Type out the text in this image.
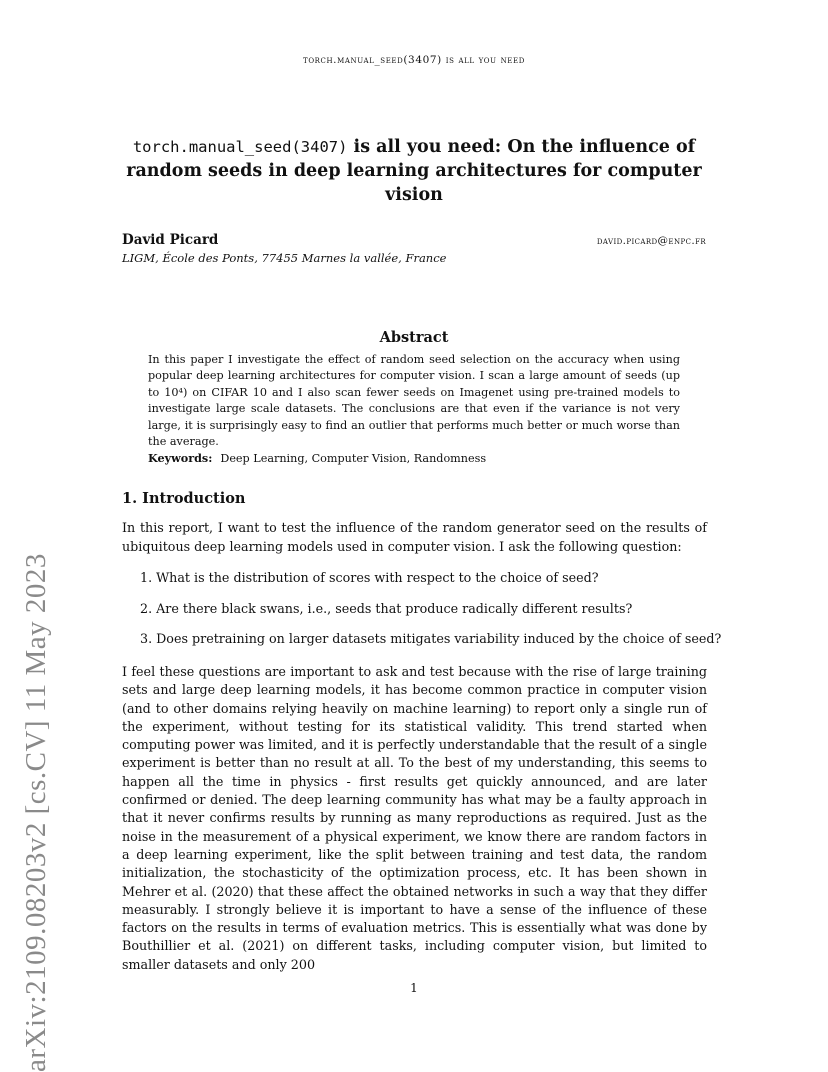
torch.manual_seed(3407) is all you need
torch.manual_seed(3407) is all you need: On the influence of random seeds in deep learning architectures for computer vision
David Picard	david.picard@enpc.fr
LIGM, École des Ponts, 77455 Marnes la vallée, France
arXiv:2109.08203v2 [cs.CV] 11 May 2023
Abstract
In this paper I investigate the effect of random seed selection on the accuracy when using popular deep learning architectures for computer vision. I scan a large amount of seeds (up to 10⁴) on CIFAR 10 and I also scan fewer seeds on Imagenet using pre-trained models to investigate large scale datasets. The conclusions are that even if the variance is not very large, it is surprisingly easy to find an outlier that performs much better or much worse than the average.
Keywords: Deep Learning, Computer Vision, Randomness
1. Introduction
In this report, I want to test the influence of the random generator seed on the results of ubiquitous deep learning models used in computer vision. I ask the following question:
1. What is the distribution of scores with respect to the choice of seed?
2. Are there black swans, i.e., seeds that produce radically different results?
3. Does pretraining on larger datasets mitigates variability induced by the choice of seed?
I feel these questions are important to ask and test because with the rise of large training sets and large deep learning models, it has become common practice in computer vision (and to other domains relying heavily on machine learning) to report only a single run of the experiment, without testing for its statistical validity. This trend started when computing power was limited, and it is perfectly understandable that the result of a single experiment is better than no result at all. To the best of my understanding, this seems to happen all the time in physics - first results get quickly announced, and are later confirmed or denied. The deep learning community has what may be a faulty approach in that it never confirms results by running as many reproductions as required. Just as the noise in the measurement of a physical experiment, we know there are random factors in a deep learning experiment, like the split between training and test data, the random initialization, the stochasticity of the optimization process, etc. It has been shown in Mehrer et al. (2020) that these affect the obtained networks in such a way that they differ measurably. I strongly believe it is important to have a sense of the influence of these factors on the results in terms of evaluation metrics. This is essentially what was done by Bouthillier et al. (2021) on different tasks, including computer vision, but limited to smaller datasets and only 200
1
